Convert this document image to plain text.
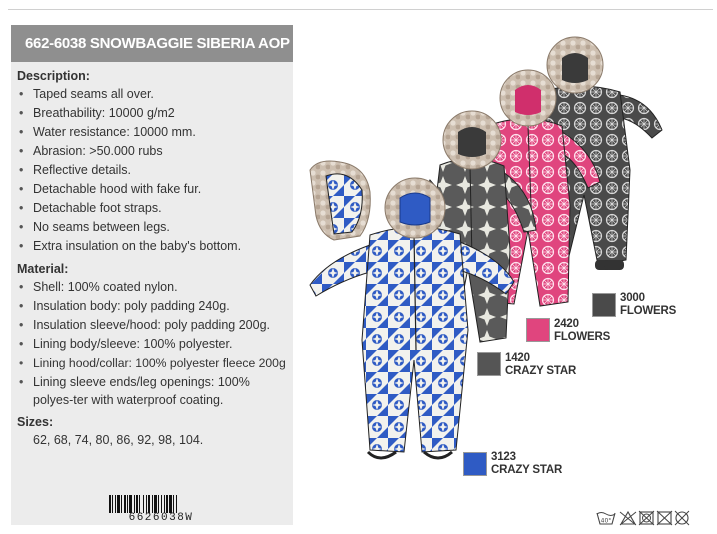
662-6038 SNOWBAGGIE SIBERIA AOP
Description:
• Taped seams all over.
• Breathability: 10000 g/m2
• Water resistance: 10000 mm.
• Abrasion: >50.000 rubs
• Reflective details.
• Detachable hood with fake fur.
• Detachable foot straps.
• No seams between legs.
• Extra insulation on the baby's bottom.
Material:
• Shell: 100% coated nylon.
• Insulation body: poly padding 240g.
• Insulation sleeve/hood: poly padding 200g.
• Lining body/sleeve: 100% polyester.
• Lining hood/collar: 100% polyester fleece 200g
• Lining sleeve ends/leg openings: 100% polyes-ter with waterproof coating.
Sizes:
62, 68, 74, 80, 86, 92, 98, 104.
6626038W
3000
FLOWERS
2420
FLOWERS
1420
CRAZY STAR
3123
CRAZY STAR
40°
